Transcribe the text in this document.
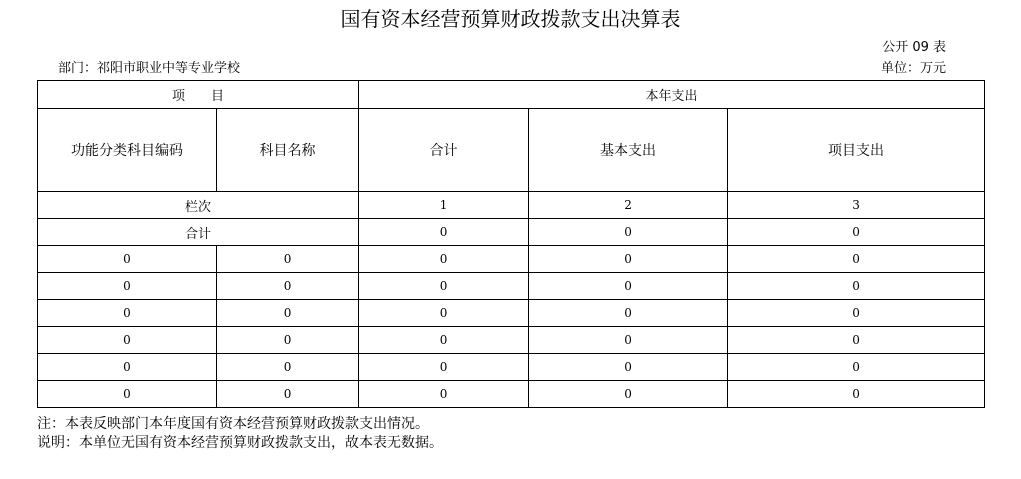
国有资本经营预算财政拨款支出决算表
公开 09 表
部门：祁阳市职业中等专业学校	单位：万元
项　　目		本年支出		
功能分类科目编码	科目名称	合计	基本支出	项目支出
栏次		1	2	3
合计		0	0	0
0	0	0	0	0
0	0	0	0	0
0	0	0	0	0
0	0	0	0	0
0	0	0	0	0
0	0	0	0	0
注：本表反映部门本年度国有资本经营预算财政拨款支出情况。
说明：本单位无国有资本经营预算财政拨款支出，故本表无数据。
